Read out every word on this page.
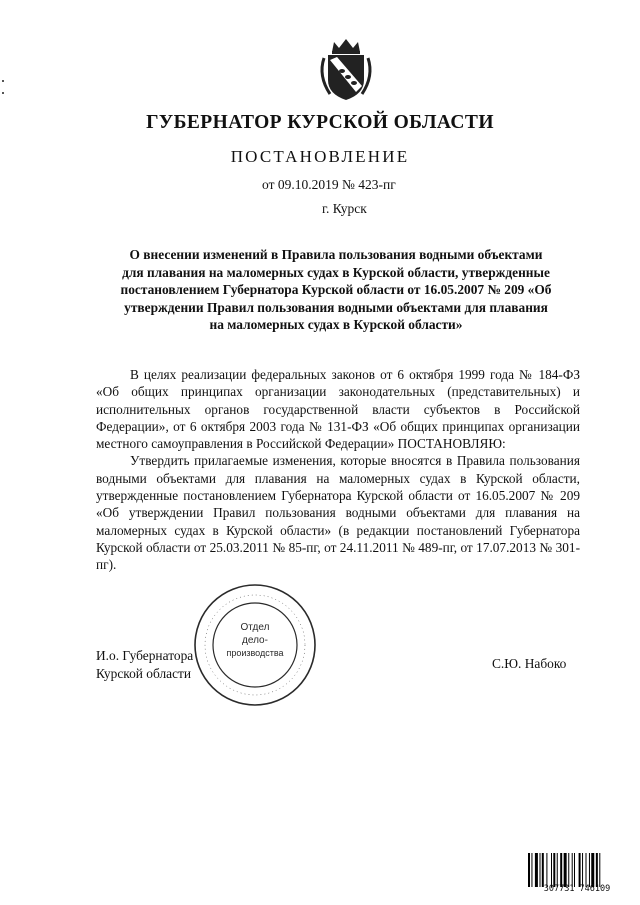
ГУБЕРНАТОР КУРСКОЙ ОБЛАСТИ
ПОСТАНОВЛЕНИЕ
от 09.10.2019 № 423-пг
г. Курск
О внесении изменений в Правила пользования водными объектами
для плавания на маломерных судах в Курской области, утвержденные
постановлением Губернатора Курской области от 16.05.2007 № 209 «Об
утверждении Правил пользования водными объектами для плавания
на маломерных судах в Курской области»

В целях реализации федеральных законов от 6 октября 1999 года № 184-ФЗ «Об общих принципах организации законодательных (представительных) и исполнительных органов государственной власти субъектов в Российской Федерации», от 6 октября 2003 года № 131-ФЗ «Об общих принципах организации местного самоуправления в Российской Федерации» ПОСТАНОВЛЯЮ:

Утвердить прилагаемые изменения, которые вносятся в Правила пользования водными объектами для плавания на маломерных судах в Курской области, утвержденные постановлением Губернатора Курской области от 16.05.2007 № 209 «Об утверждении Правил пользования водными объектами для плавания на маломерных судах в Курской области» (в редакции постановлений Губернатора Курской области от 25.03.2011 № 85-пг, от 24.11.2011 № 489-пг, от 17.07.2013 № 301-пг).

И.о. Губернатора
Курской области
С.Ю. Набоко
Отдел
дело-
производства
307731 746109
